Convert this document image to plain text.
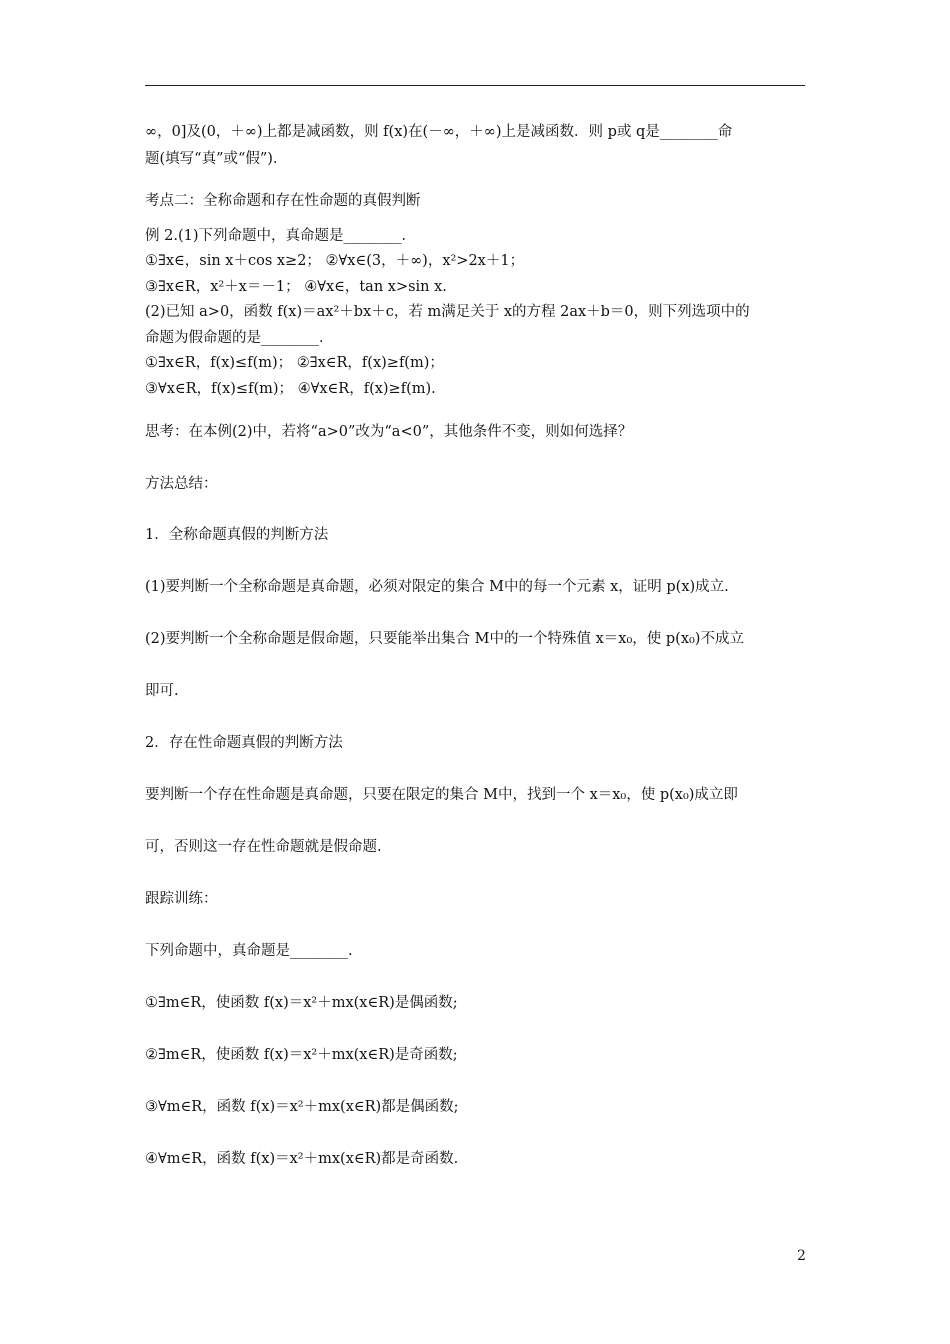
∞，0]及(0，＋∞)上都是减函数，则 f(x)在(－∞，＋∞)上是减函数．则 p或 q是________命
题(填写“真”或“假”)．
考点二：全称命题和存在性命题的真假判断
例 2.(1)下列命题中，真命题是________．
①∃x∈，sin x＋cos x≥2； ②∀x∈(3，＋∞)，x²>2x＋1；
③∃x∈R，x²＋x＝－1； ④∀x∈，tan x>sin x.
(2)已知 a>0，函数 f(x)＝ax²＋bx＋c，若 m满足关于 x的方程 2ax＋b＝0，则下列选项中的
命题为假命题的是________．
①∃x∈R，f(x)≤f(m)； ②∃x∈R，f(x)≥f(m)；
③∀x∈R，f(x)≤f(m)； ④∀x∈R，f(x)≥f(m).
思考：在本例(2)中，若将“a>0”改为“a<0”，其他条件不变，则如何选择？
方法总结：
1．全称命题真假的判断方法
(1)要判断一个全称命题是真命题，必须对限定的集合 M中的每一个元素 x，证明 p(x)成立.
(2)要判断一个全称命题是假命题，只要能举出集合 M中的一个特殊值 x＝x₀，使 p(x₀)不成立
即可.
2．存在性命题真假的判断方法
要判断一个存在性命题是真命题，只要在限定的集合 M中，找到一个 x＝x₀，使 p(x₀)成立即
可，否则这一存在性命题就是假命题.
跟踪训练：
下列命题中，真命题是________.
①∃m∈R，使函数 f(x)＝x²＋mx(x∈R)是偶函数;
②∃m∈R，使函数 f(x)＝x²＋mx(x∈R)是奇函数;
③∀m∈R，函数 f(x)＝x²＋mx(x∈R)都是偶函数;
④∀m∈R，函数 f(x)＝x²＋mx(x∈R)都是奇函数.
2
